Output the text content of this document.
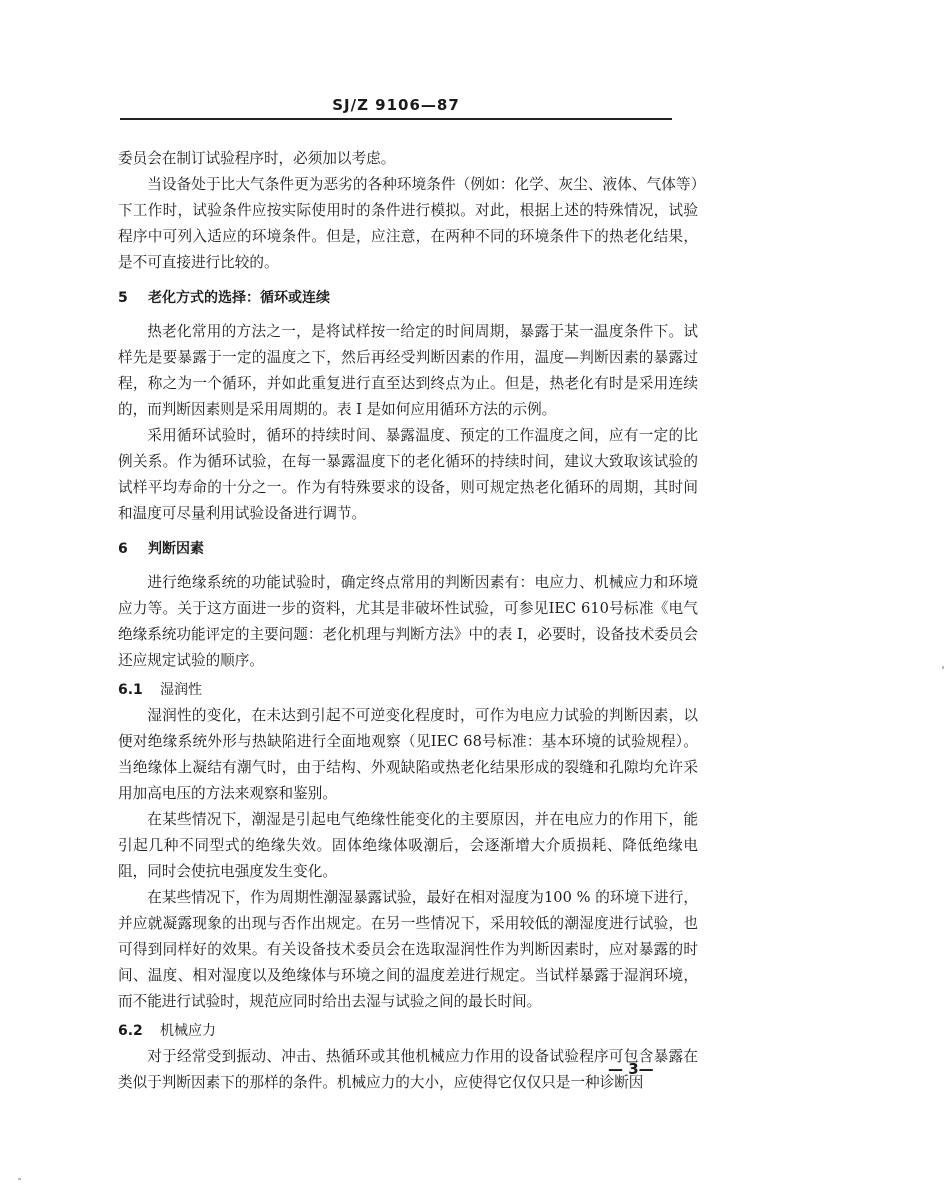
SJ/Z 9106—87

委员会在制订试验程序时，必须加以考虑。

当设备处于比大气条件更为恶劣的各种环境条件（例如：化学、灰尘、液体、气体等）下工作时，试验条件应按实际使用时的条件进行模拟。对此，根据上述的特殊情况，试验程序中可列入适应的环境条件。但是，应注意，在两种不同的环境条件下的热老化结果，是不可直接进行比较的。

5 老化方式的选择：循环或连续

热老化常用的方法之一，是将试样按一给定的时间周期，暴露于某一温度条件下。试样先是要暴露于一定的温度之下，然后再经受判断因素的作用，温度—判断因素的暴露过程，称之为一个循环，并如此重复进行直至达到终点为止。但是，热老化有时是采用连续的，而判断因素则是采用周期的。表 I 是如何应用循环方法的示例。

采用循环试验时，循环的持续时间、暴露温度、预定的工作温度之间，应有一定的比例关系。作为循环试验，在每一暴露温度下的老化循环的持续时间，建议大致取该试验的试样平均寿命的十分之一。作为有特殊要求的设备，则可规定热老化循环的周期，其时间和温度可尽量利用试验设备进行调节。

6 判断因素

进行绝缘系统的功能试验时，确定终点常用的判断因素有：电应力、机械应力和环境应力等。关于这方面进一步的资料，尤其是非破坏性试验，可参见IEC 610号标准《电气绝缘系统功能评定的主要问题：老化机理与判断方法》中的表 I，必要时，设备技术委员会还应规定试验的顺序。

6.1 湿润性

湿润性的变化，在未达到引起不可逆变化程度时，可作为电应力试验的判断因素，以便对绝缘系统外形与热缺陷进行全面地观察（见IEC 68号标准：基本环境的试验规程）。当绝缘体上凝结有潮气时，由于结构、外观缺陷或热老化结果形成的裂缝和孔隙均允许采用加高电压的方法来观察和鉴别。

在某些情况下，潮湿是引起电气绝缘性能变化的主要原因，并在电应力的作用下，能引起几种不同型式的绝缘失效。固体绝缘体吸潮后，会逐渐增大介质损耗、降低绝缘电阻，同时会使抗电强度发生变化。

在某些情况下，作为周期性潮湿暴露试验，最好在相对湿度为100 % 的环境下进行，并应就凝露现象的出现与否作出规定。在另一些情况下，采用较低的潮湿度进行试验，也可得到同样好的效果。有关设备技术委员会在选取湿润性作为判断因素时，应对暴露的时间、温度、相对湿度以及绝缘体与环境之间的温度差进行规定。当试样暴露于湿润环境，而不能进行试验时，规范应同时给出去湿与试验之间的最长时间。

6.2 机械应力

对于经常受到振动、冲击、热循环或其他机械应力作用的设备试验程序可包含暴露在类似于判断因素下的那样的条件。机械应力的大小，应使得它仅仅只是一种诊断因

— 3—
